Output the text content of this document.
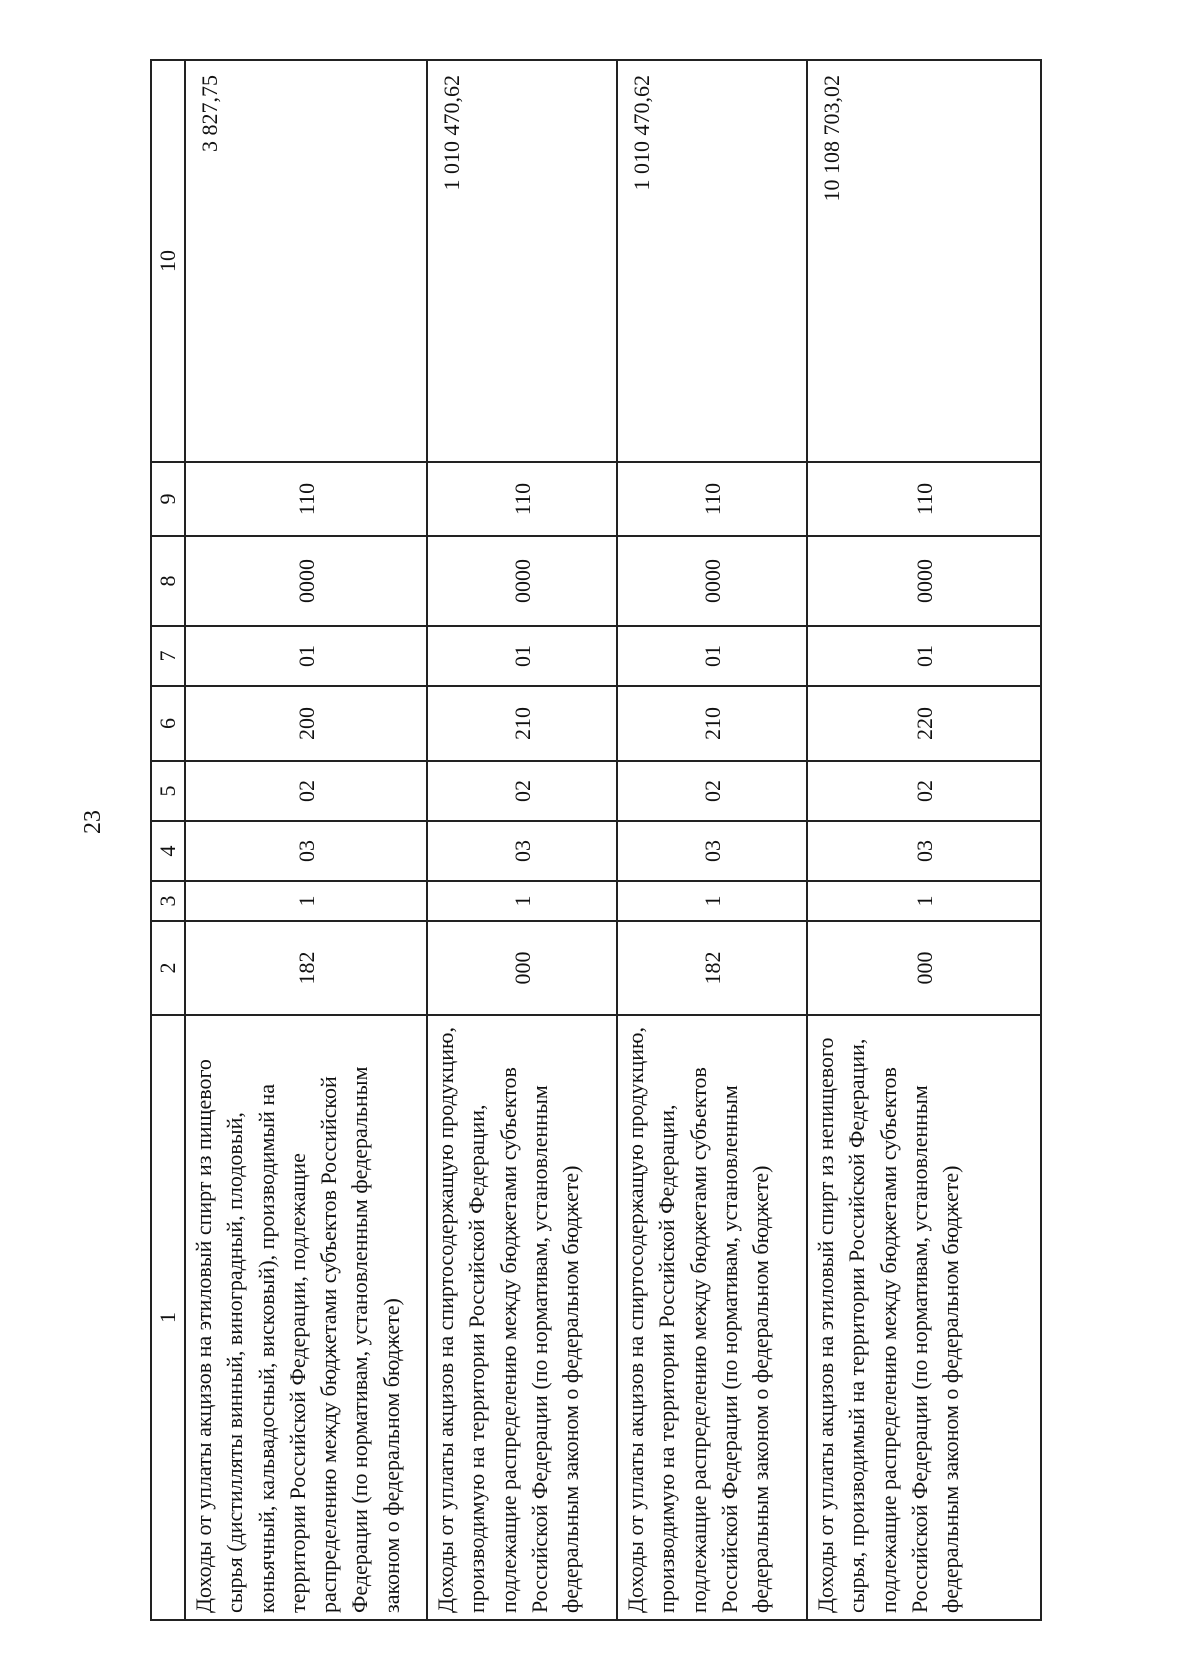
23
1	2	3	4	5	6	7	8	9	10
Доходы от уплаты акцизов на этиловый спирт из пищевого сырья (дистилляты винный, виноградный, плодовый, коньячный, кальвадосный, висковый), производимый на территории Российской Федерации, подлежащие распределению между бюджетами субъектов Российской Федерации (по нормативам, установленным федеральным законом о федеральном бюджете)	182	1	03	02	200	01	0000	110	3 827,75
Доходы от уплаты акцизов на спиртосодержащую продукцию, производимую на территории Российской Федерации, подлежащие распределению между бюджетами субъектов Российской Федерации (по нормативам, установленным федеральным законом о федеральном бюджете)	000	1	03	02	210	01	0000	110	1 010 470,62
Доходы от уплаты акцизов на спиртосодержащую продукцию, производимую на территории Российской Федерации, подлежащие распределению между бюджетами субъектов Российской Федерации (по нормативам, установленным федеральным законом о федеральном бюджете)	182	1	03	02	210	01	0000	110	1 010 470,62
Доходы от уплаты акцизов на этиловый спирт из непищевого сырья, производимый на территории Российской Федерации, подлежащие распределению между бюджетами субъектов Российской Федерации (по нормативам, установленным федеральным законом о федеральном бюджете)	000	1	03	02	220	01	0000	110	10 108 703,02
